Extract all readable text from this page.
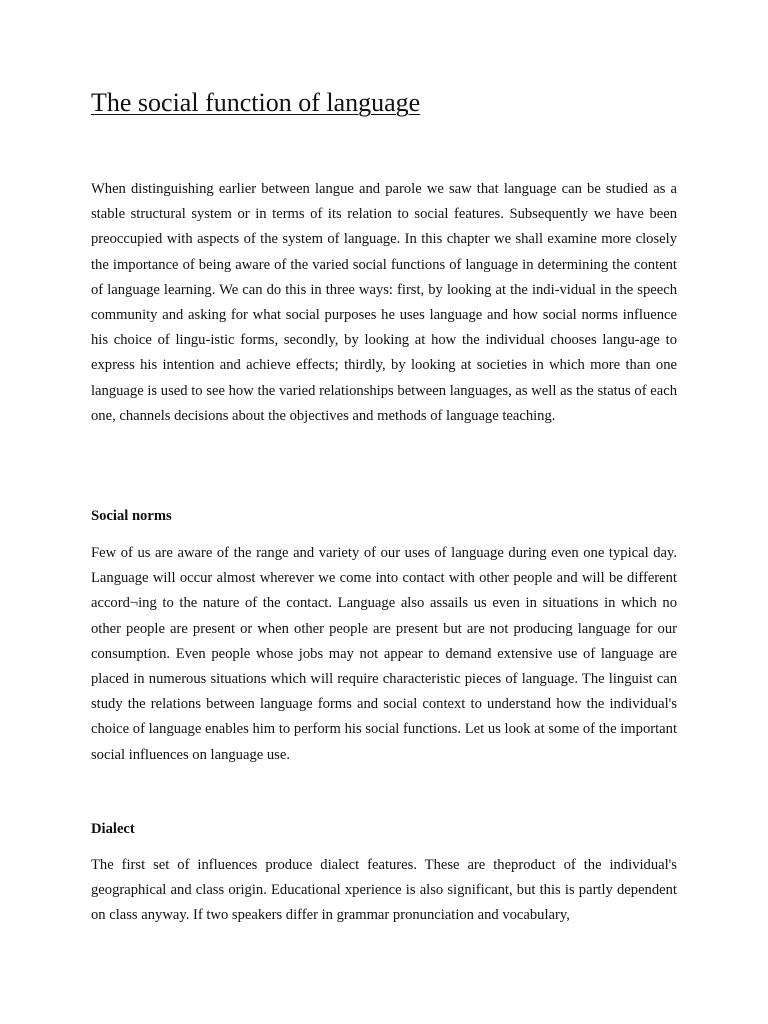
The social function of language

When distinguishing earlier between langue and parole we saw that language can be studied as a stable structural system or in terms of its relation to social features. Subsequently we have been preoccupied with aspects of the system of language. In this chapter we shall examine more closely the importance of being aware of the varied social functions of language in determining the content of language learning. We can do this in three ways: first, by looking at the indi-vidual in the speech community and asking for what social purposes he uses language and how social norms influence his choice of lingu-istic forms, secondly, by looking at how the individual chooses langu-age to express his intention and achieve effects; thirdly, by looking at societies in which more than one language is used to see how the varied relationships between languages, as well as the status of each one, channels decisions about the objectives and methods of language teaching.

Social norms

Few of us are aware of the range and variety of our uses of language during even one typical day. Language will occur almost wherever we come into contact with other people and will be different accord¬ing to the nature of the contact. Language also assails us even in situations in which no other people are present or when other people are present but are not producing language for our consumption. Even people whose jobs may not appear to demand extensive use of language are placed in numerous situations which will require characteristic pieces of language. The linguist can study the relations between language forms and social context to understand how the individual's choice of language enables him to perform his social functions. Let us look at some of the important social influences on language use.

Dialect

The first set of influences produce dialect features. These are theproduct of the individual's geographical and class origin. Educational xperience is also significant, but this is partly dependent on class anyway. If two speakers differ in grammar pronunciation and vocabulary,
